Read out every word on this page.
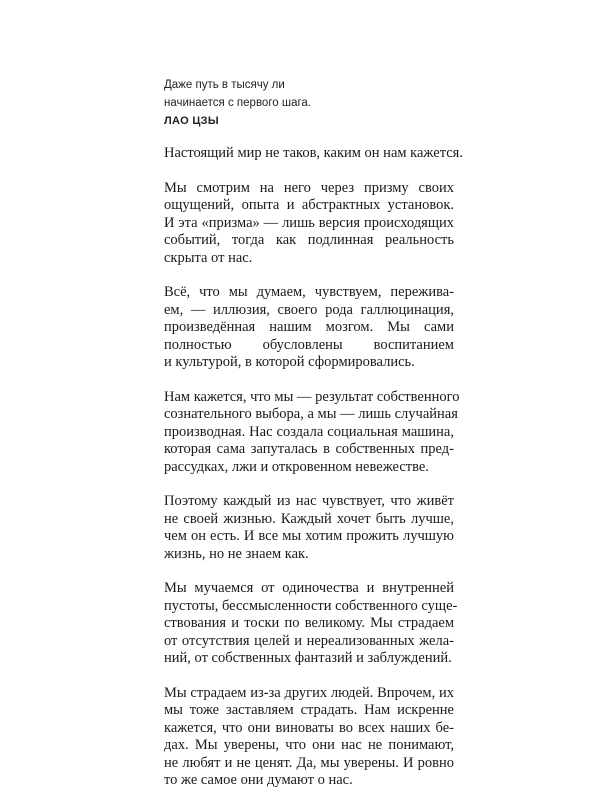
Даже путь в тысячу ли
начинается с первого шага.
ЛАО ЦЗЫ
Настоящий мир не таков, каким он нам кажется.
Мы смотрим на него через призму своих
ощущений, опыта и абстрактных установок.
И эта «призма» — лишь версия происходящих
событий, тогда как подлинная реальность
скрыта от нас.
Всё, что мы думаем, чувствуем, пережива-
ем, — иллюзия, своего рода галлюцинация,
произведённая нашим мозгом. Мы сами
полностью обусловлены воспитанием
и культурой, в которой сформировались.
Нам кажется, что мы — результат собственного
сознательного выбора, а мы — лишь случайная
производная. Нас создала социальная машина,
которая сама запуталась в собственных пред-
рассудках, лжи и откровенном невежестве.
Поэтому каждый из нас чувствует, что живёт
не своей жизнью. Каждый хочет быть лучше,
чем он есть. И все мы хотим прожить лучшую
жизнь, но не знаем как.
Мы мучаемся от одиночества и внутренней
пустоты, бессмысленности собственного суще-
ствования и тоски по великому. Мы страдаем
от отсутствия целей и нереализованных жела-
ний, от собственных фантазий и заблуждений.
Мы страдаем из-за других людей. Впрочем, их
мы тоже заставляем страдать. Нам искренне
кажется, что они виноваты во всех наших бе-
дах. Мы уверены, что они нас не понимают,
не любят и не ценят. Да, мы уверены. И ровно
то же самое они думают о нас.
